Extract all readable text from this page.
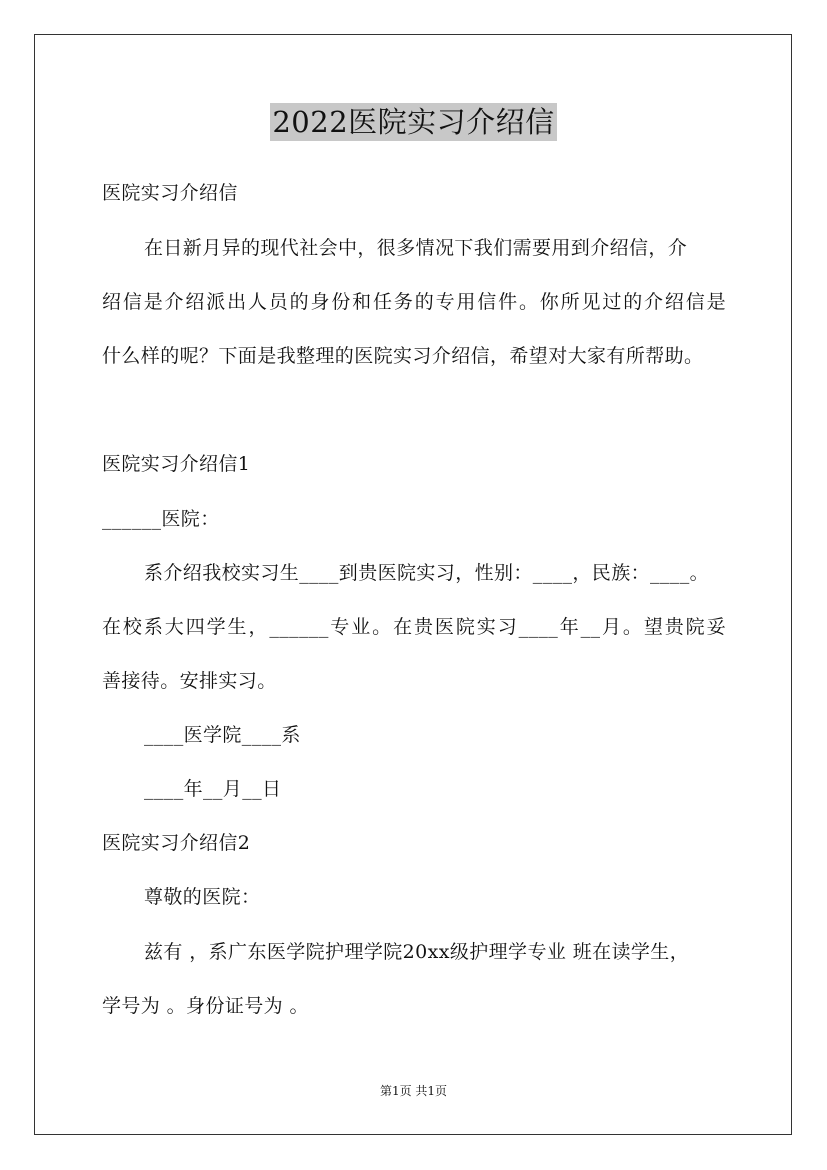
2022医院实习介绍信
医院实习介绍信
在日新月异的现代社会中，很多情况下我们需要用到介绍信，介
绍信是介绍派出人员的身份和任务的专用信件。你所见过的介绍信是
什么样的呢？下面是我整理的医院实习介绍信，希望对大家有所帮助。
医院实习介绍信1
______医院：
系介绍我校实习生____到贵医院实习，性别：____，民族：____。
在校系大四学生，______专业。在贵医院实习____年__月。望贵院妥
善接待。安排实习。
____医学院____系
____年__月__日
医院实习介绍信2
尊敬的医院：
兹有 ，系广东医学院护理学院20xx级护理学专业 班在读学生，
学号为 。身份证号为 。
第1页 共1页
